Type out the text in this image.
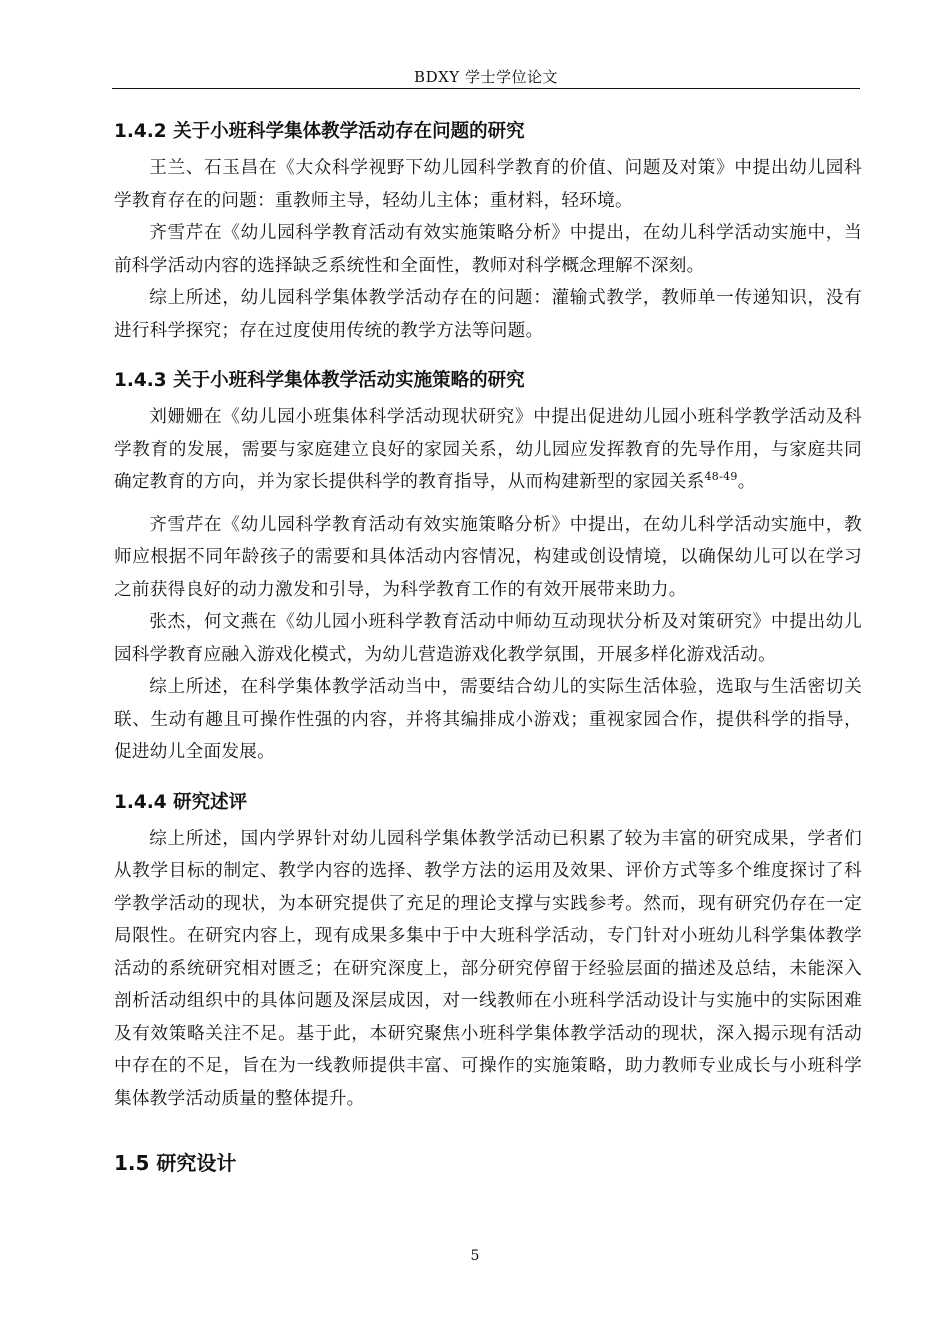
BDXY 学士学位论文
1.4.2 关于小班科学集体教学活动存在问题的研究

王兰、石玉昌在《大众科学视野下幼儿园科学教育的价值、问题及对策》中提出幼儿园科学教育存在的问题：重教师主导，轻幼儿主体；重材料，轻环境。

齐雪芹在《幼儿园科学教育活动有效实施策略分析》中提出，在幼儿科学活动实施中，当前科学活动内容的选择缺乏系统性和全面性，教师对科学概念理解不深刻。

综上所述，幼儿园科学集体教学活动存在的问题：灌输式教学，教师单一传递知识，没有进行科学探究；存在过度使用传统的教学方法等问题。

1.4.3 关于小班科学集体教学活动实施策略的研究

刘姗姗在《幼儿园小班集体科学活动现状研究》中提出促进幼儿园小班科学教学活动及科学教育的发展，需要与家庭建立良好的家园关系，幼儿园应发挥教育的先导作用，与家庭共同确定教育的方向，并为家长提供科学的教育指导，从而构建新型的家园关系$^{48-49}$。

齐雪芹在《幼儿园科学教育活动有效实施策略分析》中提出，在幼儿科学活动实施中，教师应根据不同年龄孩子的需要和具体活动内容情况，构建或创设情境，以确保幼儿可以在学习之前获得良好的动力激发和引导，为科学教育工作的有效开展带来助力。

张杰，何文燕在《幼儿园小班科学教育活动中师幼互动现状分析及对策研究》中提出幼儿园科学教育应融入游戏化模式，为幼儿营造游戏化教学氛围，开展多样化游戏活动。

综上所述，在科学集体教学活动当中，需要结合幼儿的实际生活体验，选取与生活密切关联、生动有趣且可操作性强的内容，并将其编排成小游戏；重视家园合作，提供科学的指导，促进幼儿全面发展。

1.4.4 研究述评

综上所述，国内学界针对幼儿园科学集体教学活动已积累了较为丰富的研究成果，学者们从教学目标的制定、教学内容的选择、教学方法的运用及效果、评价方式等多个维度探讨了科学教学活动的现状，为本研究提供了充足的理论支撑与实践参考。然而，现有研究仍存在一定局限性。在研究内容上，现有成果多集中于中大班科学活动，专门针对小班幼儿科学集体教学活动的系统研究相对匮乏；在研究深度上，部分研究停留于经验层面的描述及总结，未能深入剖析活动组织中的具体问题及深层成因，对一线教师在小班科学活动设计与实施中的实际困难及有效策略关注不足。基于此，本研究聚焦小班科学集体教学活动的现状，深入揭示现有活动中存在的不足，旨在为一线教师提供丰富、可操作的实施策略，助力教师专业成长与小班科学集体教学活动质量的整体提升。

1.5 研究设计
5
